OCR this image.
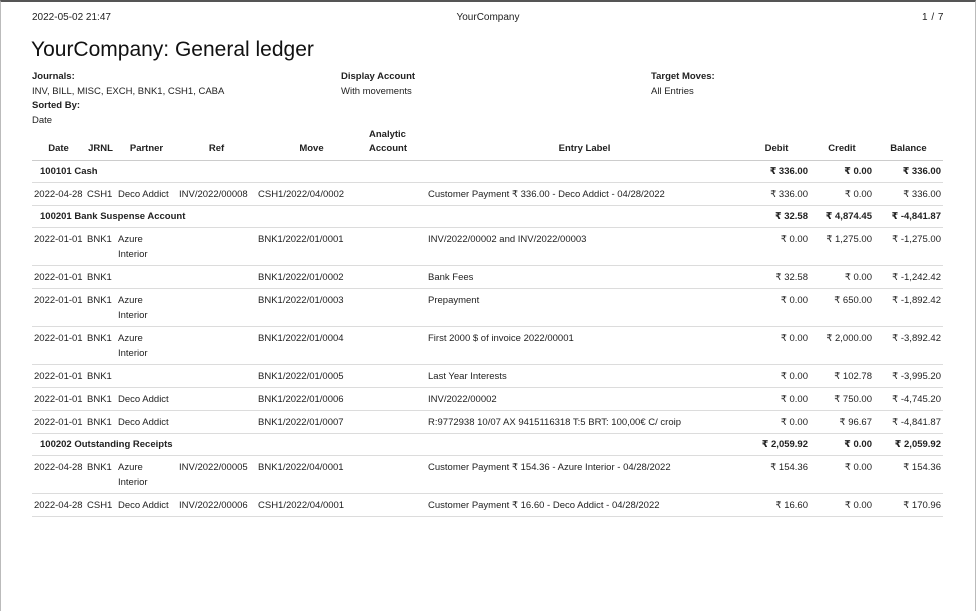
2022-05-02 21:47	YourCompany	1 / 7
YourCompany: General ledger
Journals:
INV, BILL, MISC, EXCH, BNK1, CSH1, CABA
Sorted By:
Date
Display Account
With movements
Target Moves:
All Entries
Date	JRNL	Partner	Ref	Move	Analytic Account	Entry Label	Debit	Credit	Balance
100101 Cash							₹ 336.00	₹ 0.00	₹ 336.00
2022-04-28	CSH1	Deco Addict	INV/2022/00008	CSH1/2022/04/0002		Customer Payment ₹ 336.00 - Deco Addict - 04/28/2022	₹ 336.00	₹ 0.00	₹ 336.00
100201 Bank Suspense Account							₹ 32.58	₹ 4,874.45	₹ -4,841.87
2022-01-01	BNK1	Azure Interior		BNK1/2022/01/0001		INV/2022/00002 and INV/2022/00003	₹ 0.00	₹ 1,275.00	₹ -1,275.00
2022-01-01	BNK1			BNK1/2022/01/0002		Bank Fees	₹ 32.58	₹ 0.00	₹ -1,242.42
2022-01-01	BNK1	Azure Interior		BNK1/2022/01/0003		Prepayment	₹ 0.00	₹ 650.00	₹ -1,892.42
2022-01-01	BNK1	Azure Interior		BNK1/2022/01/0004		First 2000 $ of invoice 2022/00001	₹ 0.00	₹ 2,000.00	₹ -3,892.42
2022-01-01	BNK1			BNK1/2022/01/0005		Last Year Interests	₹ 0.00	₹ 102.78	₹ -3,995.20
2022-01-01	BNK1	Deco Addict		BNK1/2022/01/0006		INV/2022/00002	₹ 0.00	₹ 750.00	₹ -4,745.20
2022-01-01	BNK1	Deco Addict		BNK1/2022/01/0007		R:9772938 10/07 AX 9415116318 T:5 BRT: 100,00€ C/ croip	₹ 0.00	₹ 96.67	₹ -4,841.87
100202 Outstanding Receipts							₹ 2,059.92	₹ 0.00	₹ 2,059.92
2022-04-28	BNK1	Azure Interior	INV/2022/00005	BNK1/2022/04/0001		Customer Payment ₹ 154.36 - Azure Interior - 04/28/2022	₹ 154.36	₹ 0.00	₹ 154.36
2022-04-28	CSH1	Deco Addict	INV/2022/00006	CSH1/2022/04/0001		Customer Payment ₹ 16.60 - Deco Addict - 04/28/2022	₹ 16.60	₹ 0.00	₹ 170.96
